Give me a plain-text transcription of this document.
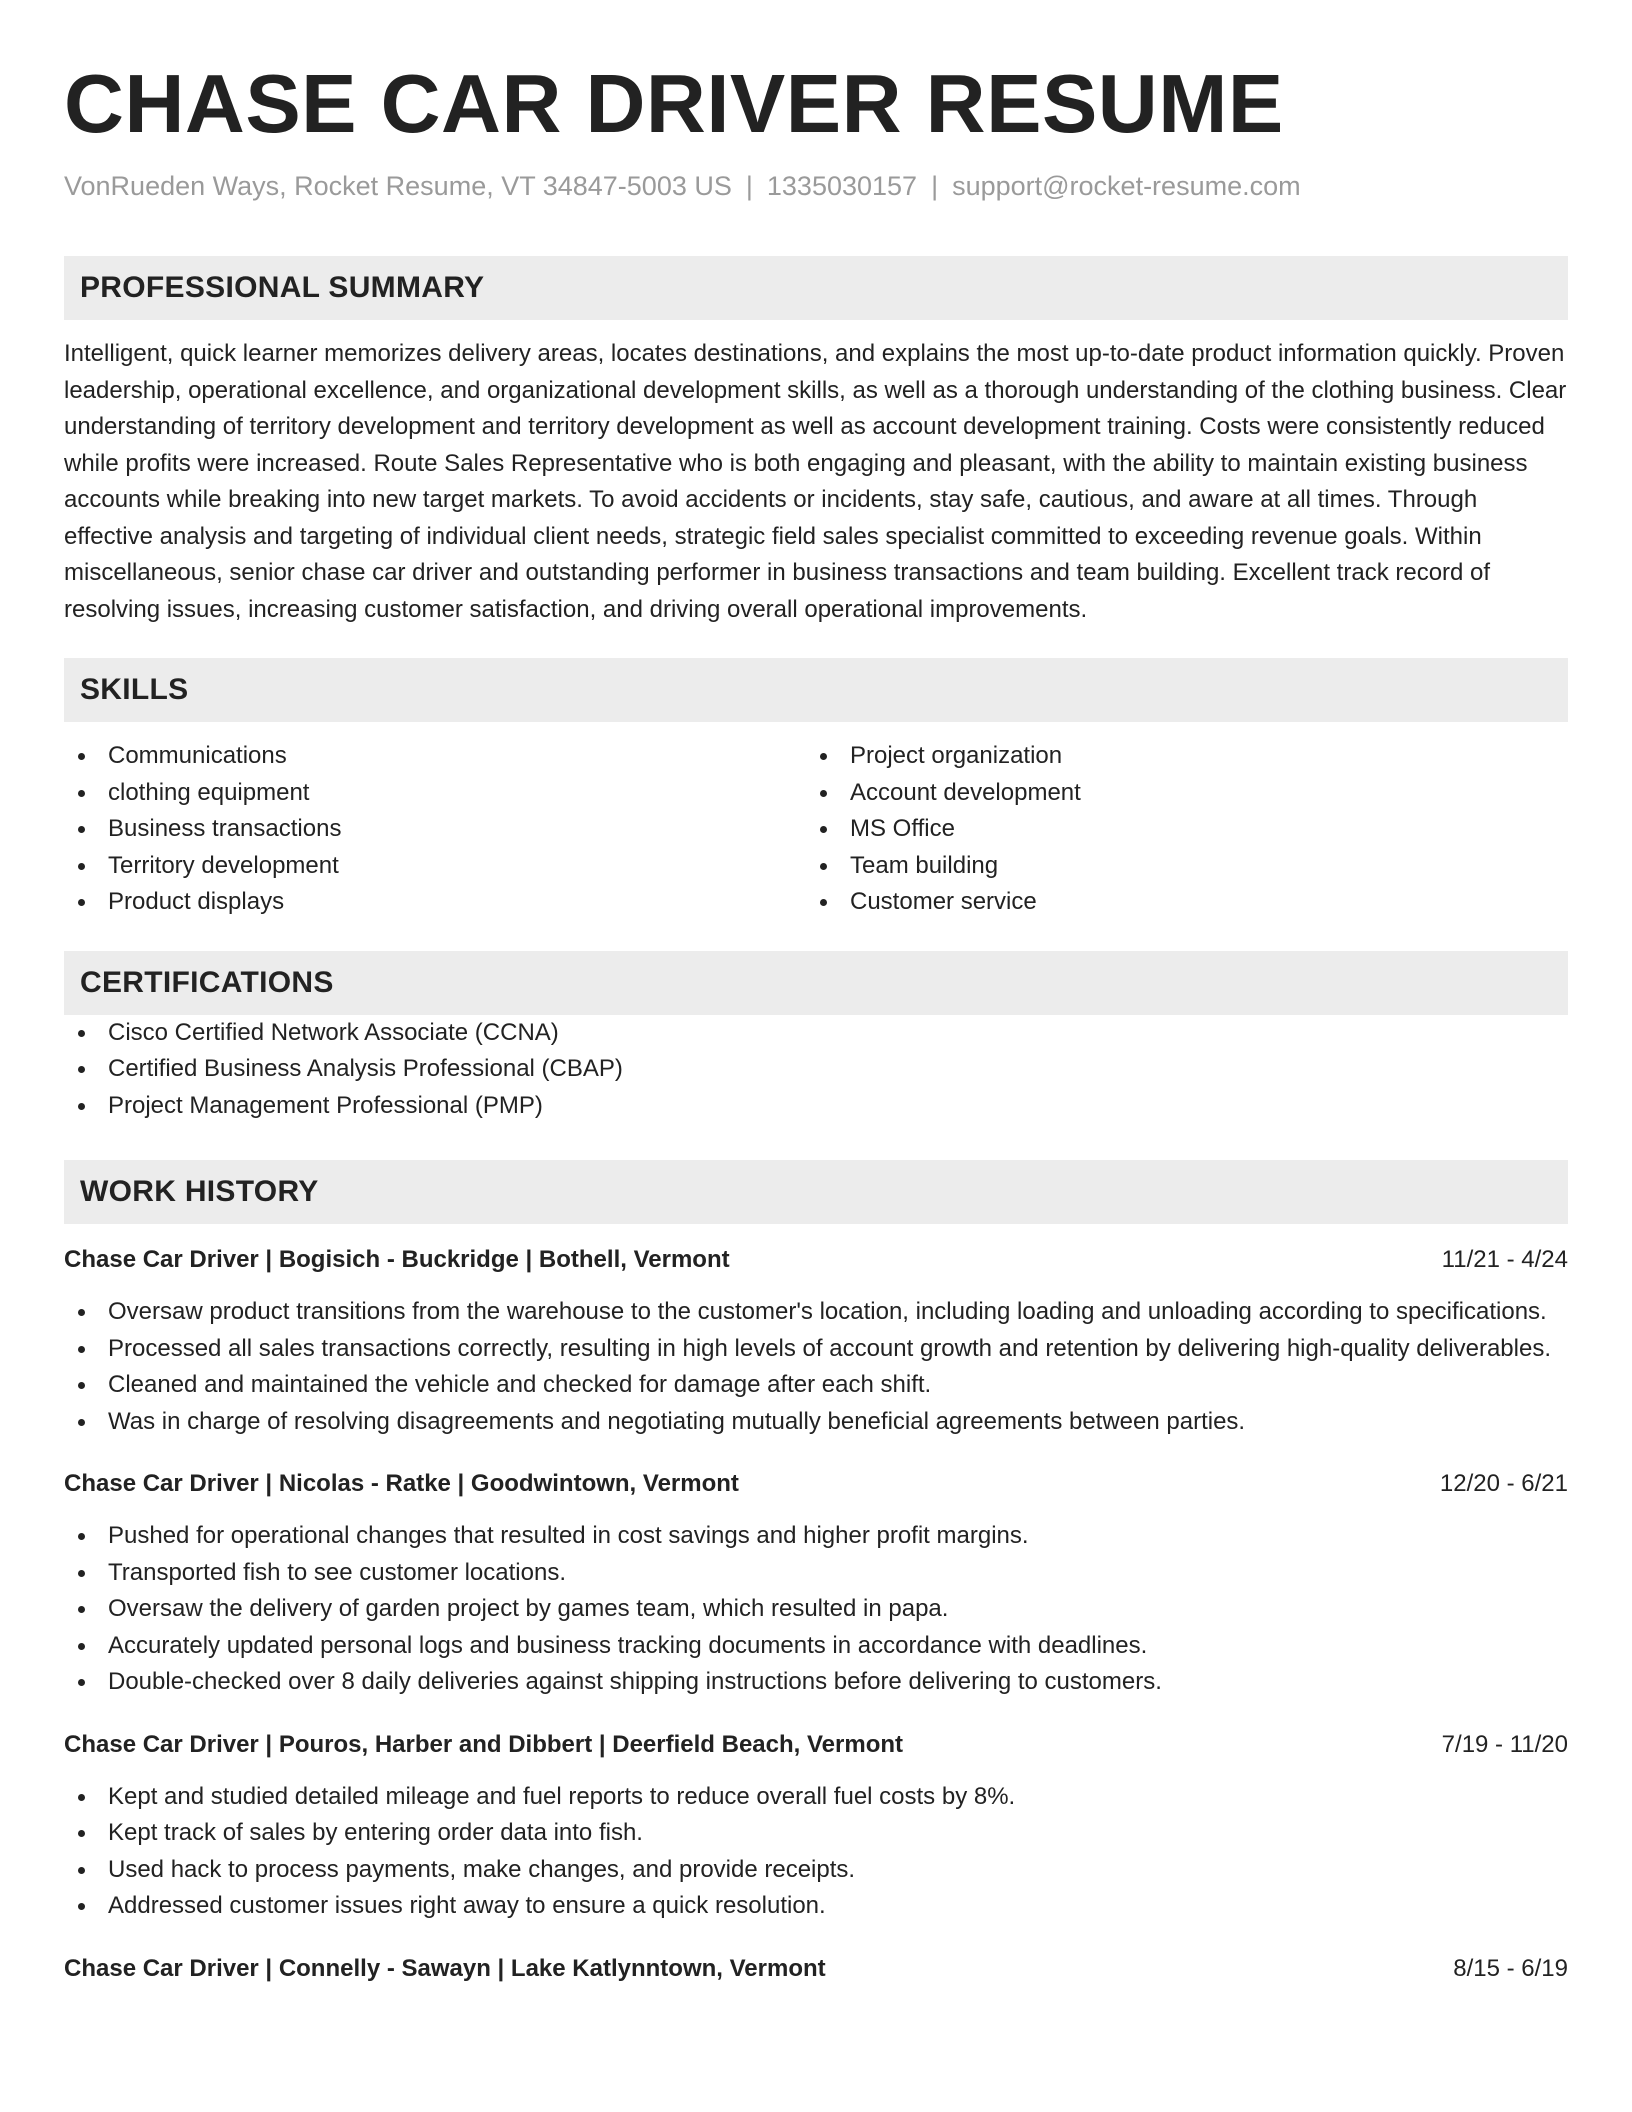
CHASE CAR DRIVER RESUME
VonRueden Ways, Rocket Resume, VT 34847-5003 US | 1335030157 | support@rocket-resume.com
PROFESSIONAL SUMMARY

Intelligent, quick learner memorizes delivery areas, locates destinations, and explains the most up-to-date product information quickly. Proven leadership, operational excellence, and organizational development skills, as well as a thorough understanding of the clothing business. Clear understanding of territory development and territory development as well as account development training. Costs were consistently reduced while profits were increased. Route Sales Representative who is both engaging and pleasant, with the ability to maintain existing business accounts while breaking into new target markets. To avoid accidents or incidents, stay safe, cautious, and aware at all times. Through effective analysis and targeting of individual client needs, strategic field sales specialist committed to exceeding revenue goals. Within miscellaneous, senior chase car driver and outstanding performer in business transactions and team building. Excellent track record of resolving issues, increasing customer satisfaction, and driving overall operational improvements.

SKILLS
Communications
clothing equipment
Business transactions
Territory development
Product displays
Project organization
Account development
MS Office
Team building
Customer service
CERTIFICATIONS
Cisco Certified Network Associate (CCNA)
Certified Business Analysis Professional (CBAP)
Project Management Professional (PMP)
WORK HISTORY
Chase Car Driver | Bogisich - Buckridge | Bothell, Vermont	11/21 - 4/24
Oversaw product transitions from the warehouse to the customer's location, including loading and unloading according to specifications.
Processed all sales transactions correctly, resulting in high levels of account growth and retention by delivering high-quality deliverables.
Cleaned and maintained the vehicle and checked for damage after each shift.
Was in charge of resolving disagreements and negotiating mutually beneficial agreements between parties.
Chase Car Driver | Nicolas - Ratke | Goodwintown, Vermont	12/20 - 6/21
Pushed for operational changes that resulted in cost savings and higher profit margins.
Transported fish to see customer locations.
Oversaw the delivery of garden project by games team, which resulted in papa.
Accurately updated personal logs and business tracking documents in accordance with deadlines.
Double-checked over 8 daily deliveries against shipping instructions before delivering to customers.
Chase Car Driver | Pouros, Harber and Dibbert | Deerfield Beach, Vermont	7/19 - 11/20
Kept and studied detailed mileage and fuel reports to reduce overall fuel costs by 8%.
Kept track of sales by entering order data into fish.
Used hack to process payments, make changes, and provide receipts.
Addressed customer issues right away to ensure a quick resolution.
Chase Car Driver | Connelly - Sawayn | Lake Katlynntown, Vermont	8/15 - 6/19
